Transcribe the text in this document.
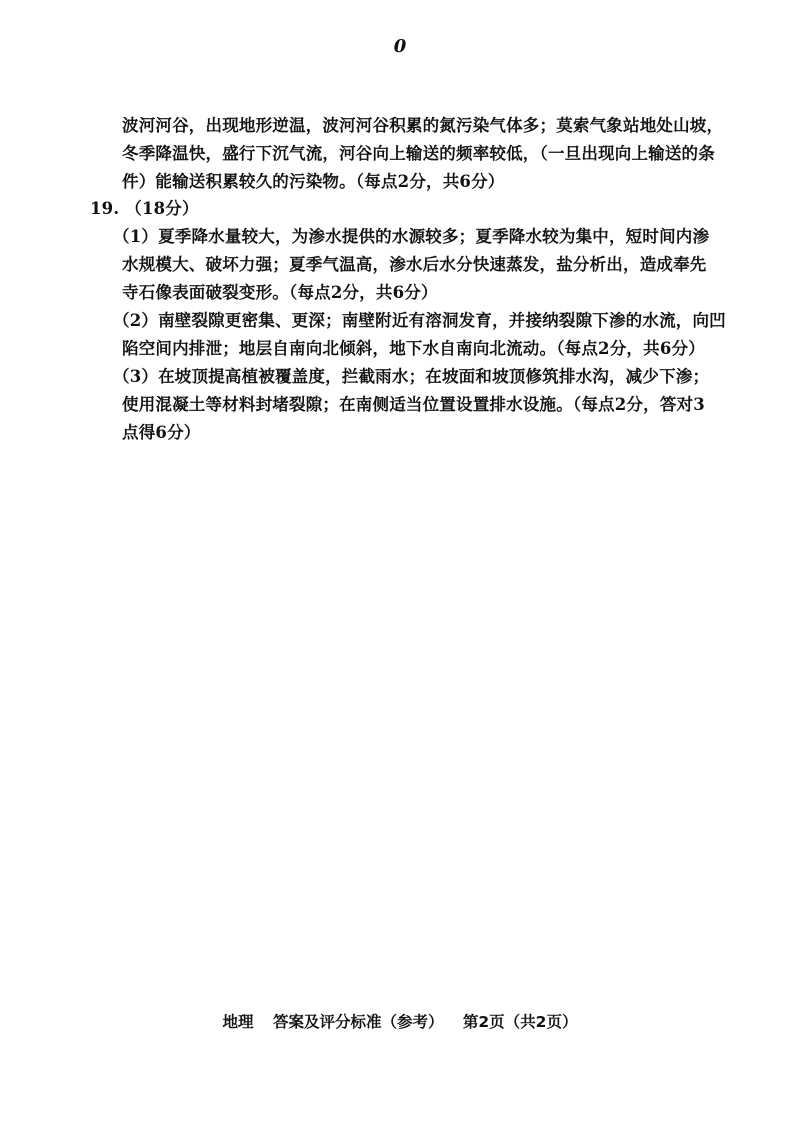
0
波河河谷，出现地形逆温，波河河谷积累的氮污染气体多；莫索气象站地处山坡，
冬季降温快，盛行下沉气流，河谷向上输送的频率较低，（一旦出现向上输送的条
件）能输送积累较久的污染物。（每点2分，共6分）
19. （18分）
（1）夏季降水量较大，为渗水提供的水源较多；夏季降水较为集中，短时间内渗
水规模大、破坏力强；夏季气温高，渗水后水分快速蒸发，盐分析出，造成奉先
寺石像表面破裂变形。（每点2分，共6分）
（2）南壁裂隙更密集、更深；南壁附近有溶洞发育，并接纳裂隙下渗的水流，向凹
陷空间内排泄；地层自南向北倾斜，地下水自南向北流动。（每点2分，共6分）
（3）在坡顶提高植被覆盖度，拦截雨水；在坡面和坡顶修筑排水沟，减少下渗；
使用混凝土等材料封堵裂隙；在南侧适当位置设置排水设施。（每点2分，答对3
点得6分）
地理 答案及评分标准（参考） 第2页（共2页）
